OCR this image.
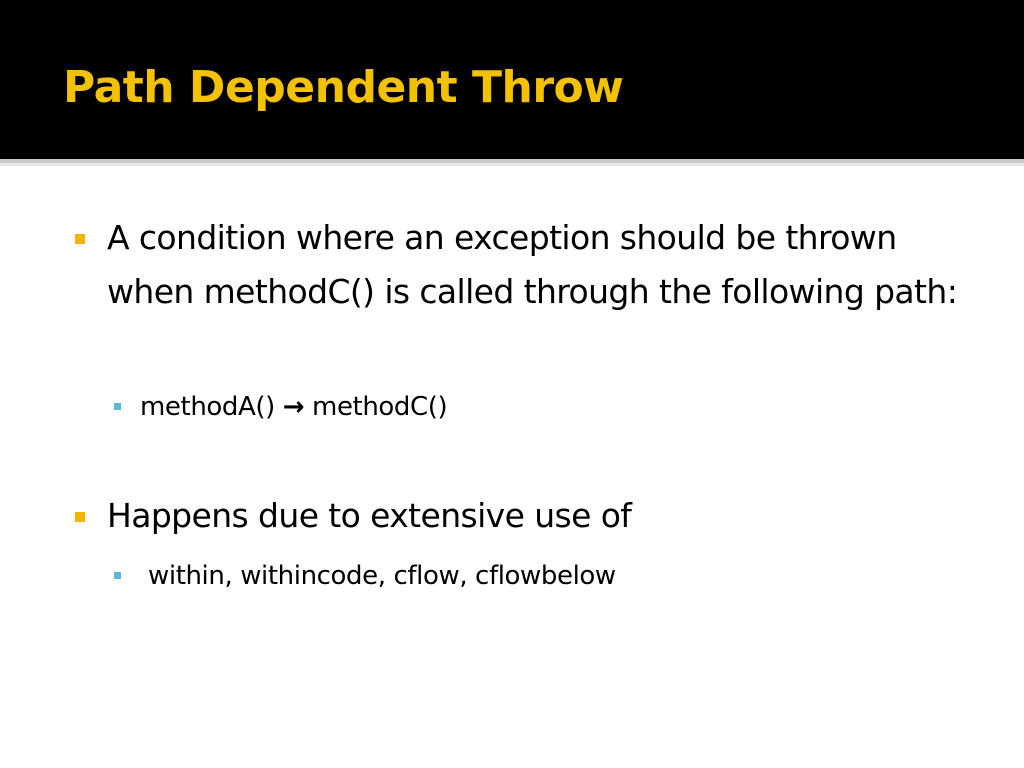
Path Dependent Throw
A condition where an exception should be thrown when methodC() is called through the following path:
methodA() → methodC()
Happens due to extensive use of
within, withincode, cflow, cflowbelow
